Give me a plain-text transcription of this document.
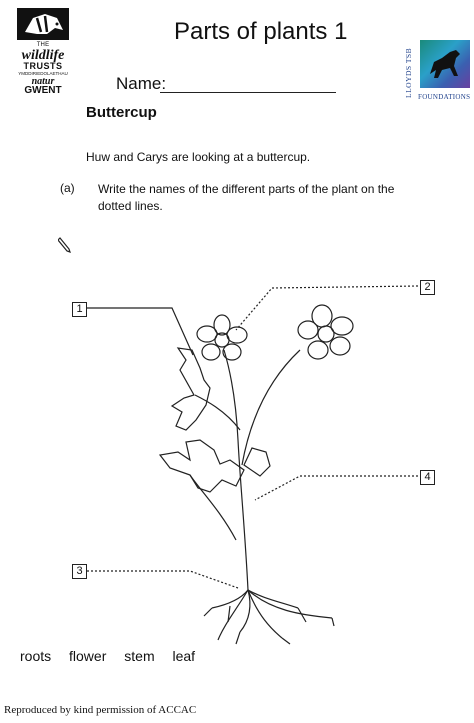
THE
wildlife
TRUSTS
YMDDIRIEDOLAETHAU
natur
GWENT
Parts of plants 1
Name:	LLOYDS TSB FOUNDATIONS
Buttercup
Huw and Carys are looking at a buttercup.
(a) Write the names of the different parts of the plant on the dotted lines.
1
2
3
4
roots flower stem leaf
Reproduced by kind permission of ACCAC
